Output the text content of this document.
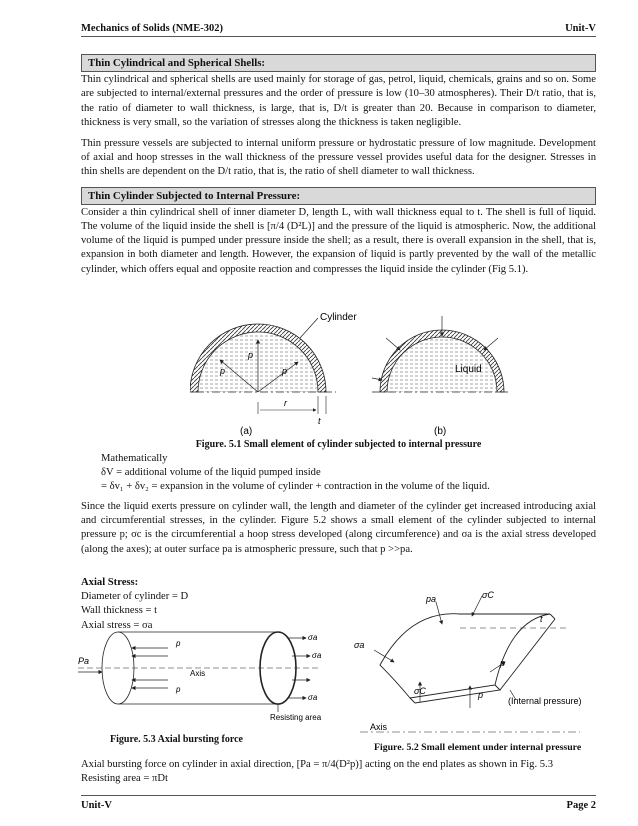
Mechanics of Solids (NME-302)	Unit-V
Thin Cylindrical and Spherical Shells:

Thin cylindrical and spherical shells are used mainly for storage of gas, petrol, liquid, chemicals, grains and so on. Some are subjected to internal/external pressures and the order of pressure is low (10–30 atmospheres). Their D/t ratio, that is, the ratio of diameter to wall thickness, is large, that is, D/t is greater than 20. Because in comparison to diameter, thickness is very small, so the variation of stresses along the thickness is taken negligible.

Thin pressure vessels are subjected to internal uniform pressure or hydrostatic pressure of low magnitude. Development of axial and hoop stresses in the wall thickness of the pressure vessel provides useful data for the designer. Stresses in thin shells are dependent on the D/t ratio, that is, the ratio of shell diameter to wall thickness.

Thin Cylinder Subjected to Internal Pressure:

Consider a thin cylindrical shell of inner diameter D, length L, with wall thickness equal to t. The shell is full of liquid. The volume of the liquid inside the shell is [π/4 (D²L)] and the pressure of the liquid is atmospheric. Now, the additional volume of the liquid is pumped under pressure inside the shell; as a result, there is overall expansion in the shell, that is, expansion in both diameter and length. However, the expansion of liquid is partly prevented by the wall of the metallic cylinder, which offers equal and opposite reaction and compresses the liquid inside the cylinder (Fig 5.1).

p
p	p
Cylinder
r
t
(a)
Liquid
(b)
Figure. 5.1 Small element of cylinder subjected to internal pressure
Mathematically
δV = additional volume of the liquid pumped inside
= δv₁ + δv₂ = expansion in the volume of cylinder + contraction in the volume of the liquid.

Since the liquid exerts pressure on cylinder wall, the length and diameter of the cylinder get increased introducing axial and circumferential stresses, in the cylinder. Figure 5.2 shows a small element of the cylinder subjected to internal pressure p; σc is the circumferential a hoop stress developed (along circumference) and σa is the axial stress developed (along the axes); at outer surface pa is atmospheric pressure, such that p >>pa.

Axial Stress:
Diameter of cylinder = D
Wall thickness = t
Axial stress = σa
Pa
p
p
Axis
σa
σa
σa
Resisting area
Figure. 5.3 Axial bursting force
pa	σC
t
σa
σC
p
p
(Internal pressure)
Axis
Figure. 5.2 Small element under internal pressure
Axial bursting force on cylinder in axial direction, [Pa = π/4(D²p)] acting on the end plates as shown in Fig. 5.3
Resisting area = πDt
Unit-V	Page 2
